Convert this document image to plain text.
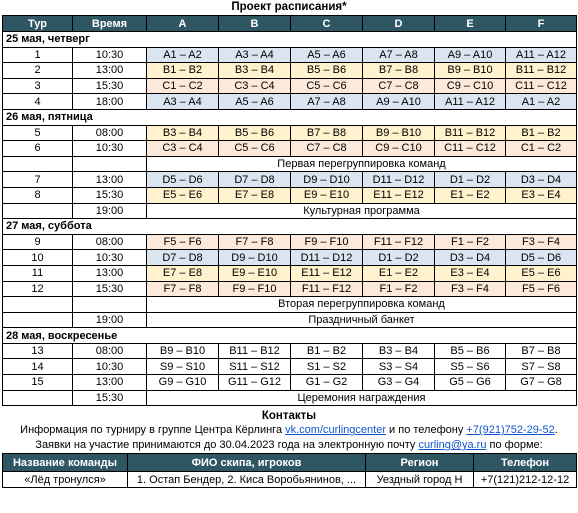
Проект расписания*
Тур	Время	A	B	C	D	E	F
25 мая, четверг							
1	10:30	A1 – A2	A3 – A4	A5 – A6	A7 – A8	A9 – A10	A11 – A12
2	13:00	B1 – B2	B3 – B4	B5 – B6	B7 – B8	B9 – B10	B11 – B12
3	15:30	C1 – C2	C3 – C4	C5 – C6	C7 – C8	C9 – C10	C11 – C12
4	18:00	A3 – A4	A5 – A6	A7 – A8	A9 – A10	A11 – A12	A1 – A2
26 мая, пятница							
5	08:00	B3 – B4	B5 – B6	B7 – B8	B9 – B10	B11 – B12	B1 – B2
6	10:30	C3 – C4	C5 – C6	C7 – C8	C9 – C10	C11 – C12	C1 – C2
		Первая перегруппировка команд					
7	13:00	D5 – D6	D7 – D8	D9 – D10	D11 – D12	D1 – D2	D3 – D4
8	15:30	E5 – E6	E7 – E8	E9 – E10	E11 – E12	E1 – E2	E3 – E4
	19:00	Культурная программа					
27 мая, суббота							
9	08:00	F5 – F6	F7 – F8	F9 – F10	F11 – F12	F1 – F2	F3 – F4
10	10:30	D7 – D8	D9 – D10	D11 – D12	D1 – D2	D3 – D4	D5 – D6
11	13:00	E7 – E8	E9 – E10	E11 – E12	E1 – E2	E3 – E4	E5 – E6
12	15:30	F7 – F8	F9 – F10	F11 – F12	F1 – F2	F3 – F4	F5 – F6
		Вторая перегруппировка команд					
	19:00	Праздничный банкет					
28 мая, воскресенье							
13	08:00	B9 – B10	B11 – B12	B1 – B2	B3 – B4	B5 – B6	B7 – B8
14	10:30	S9 – S10	S11 – S12	S1 – S2	S3 – S4	S5 – S6	S7 – S8
15	13:00	G9 – G10	G11 – G12	G1 – G2	G3 – G4	G5 – G6	G7 – G8
	15:30	Церемония награждения					
Контакты
Информация по турниру в группе Центра Кёрлинга vk.com/curlingcenter и по телефону +7(921)752-29-52.
Заявки на участие принимаются до 30.04.2023 года на электронную почту curling@ya.ru по форме:
Название команды	ФИО скипа, игроков	Регион	Телефон
«Лёд тронулся»	1. Остап Бендер, 2. Киса Воробьянинов, ...	Уездный город Н	+7(121)212-12-12
